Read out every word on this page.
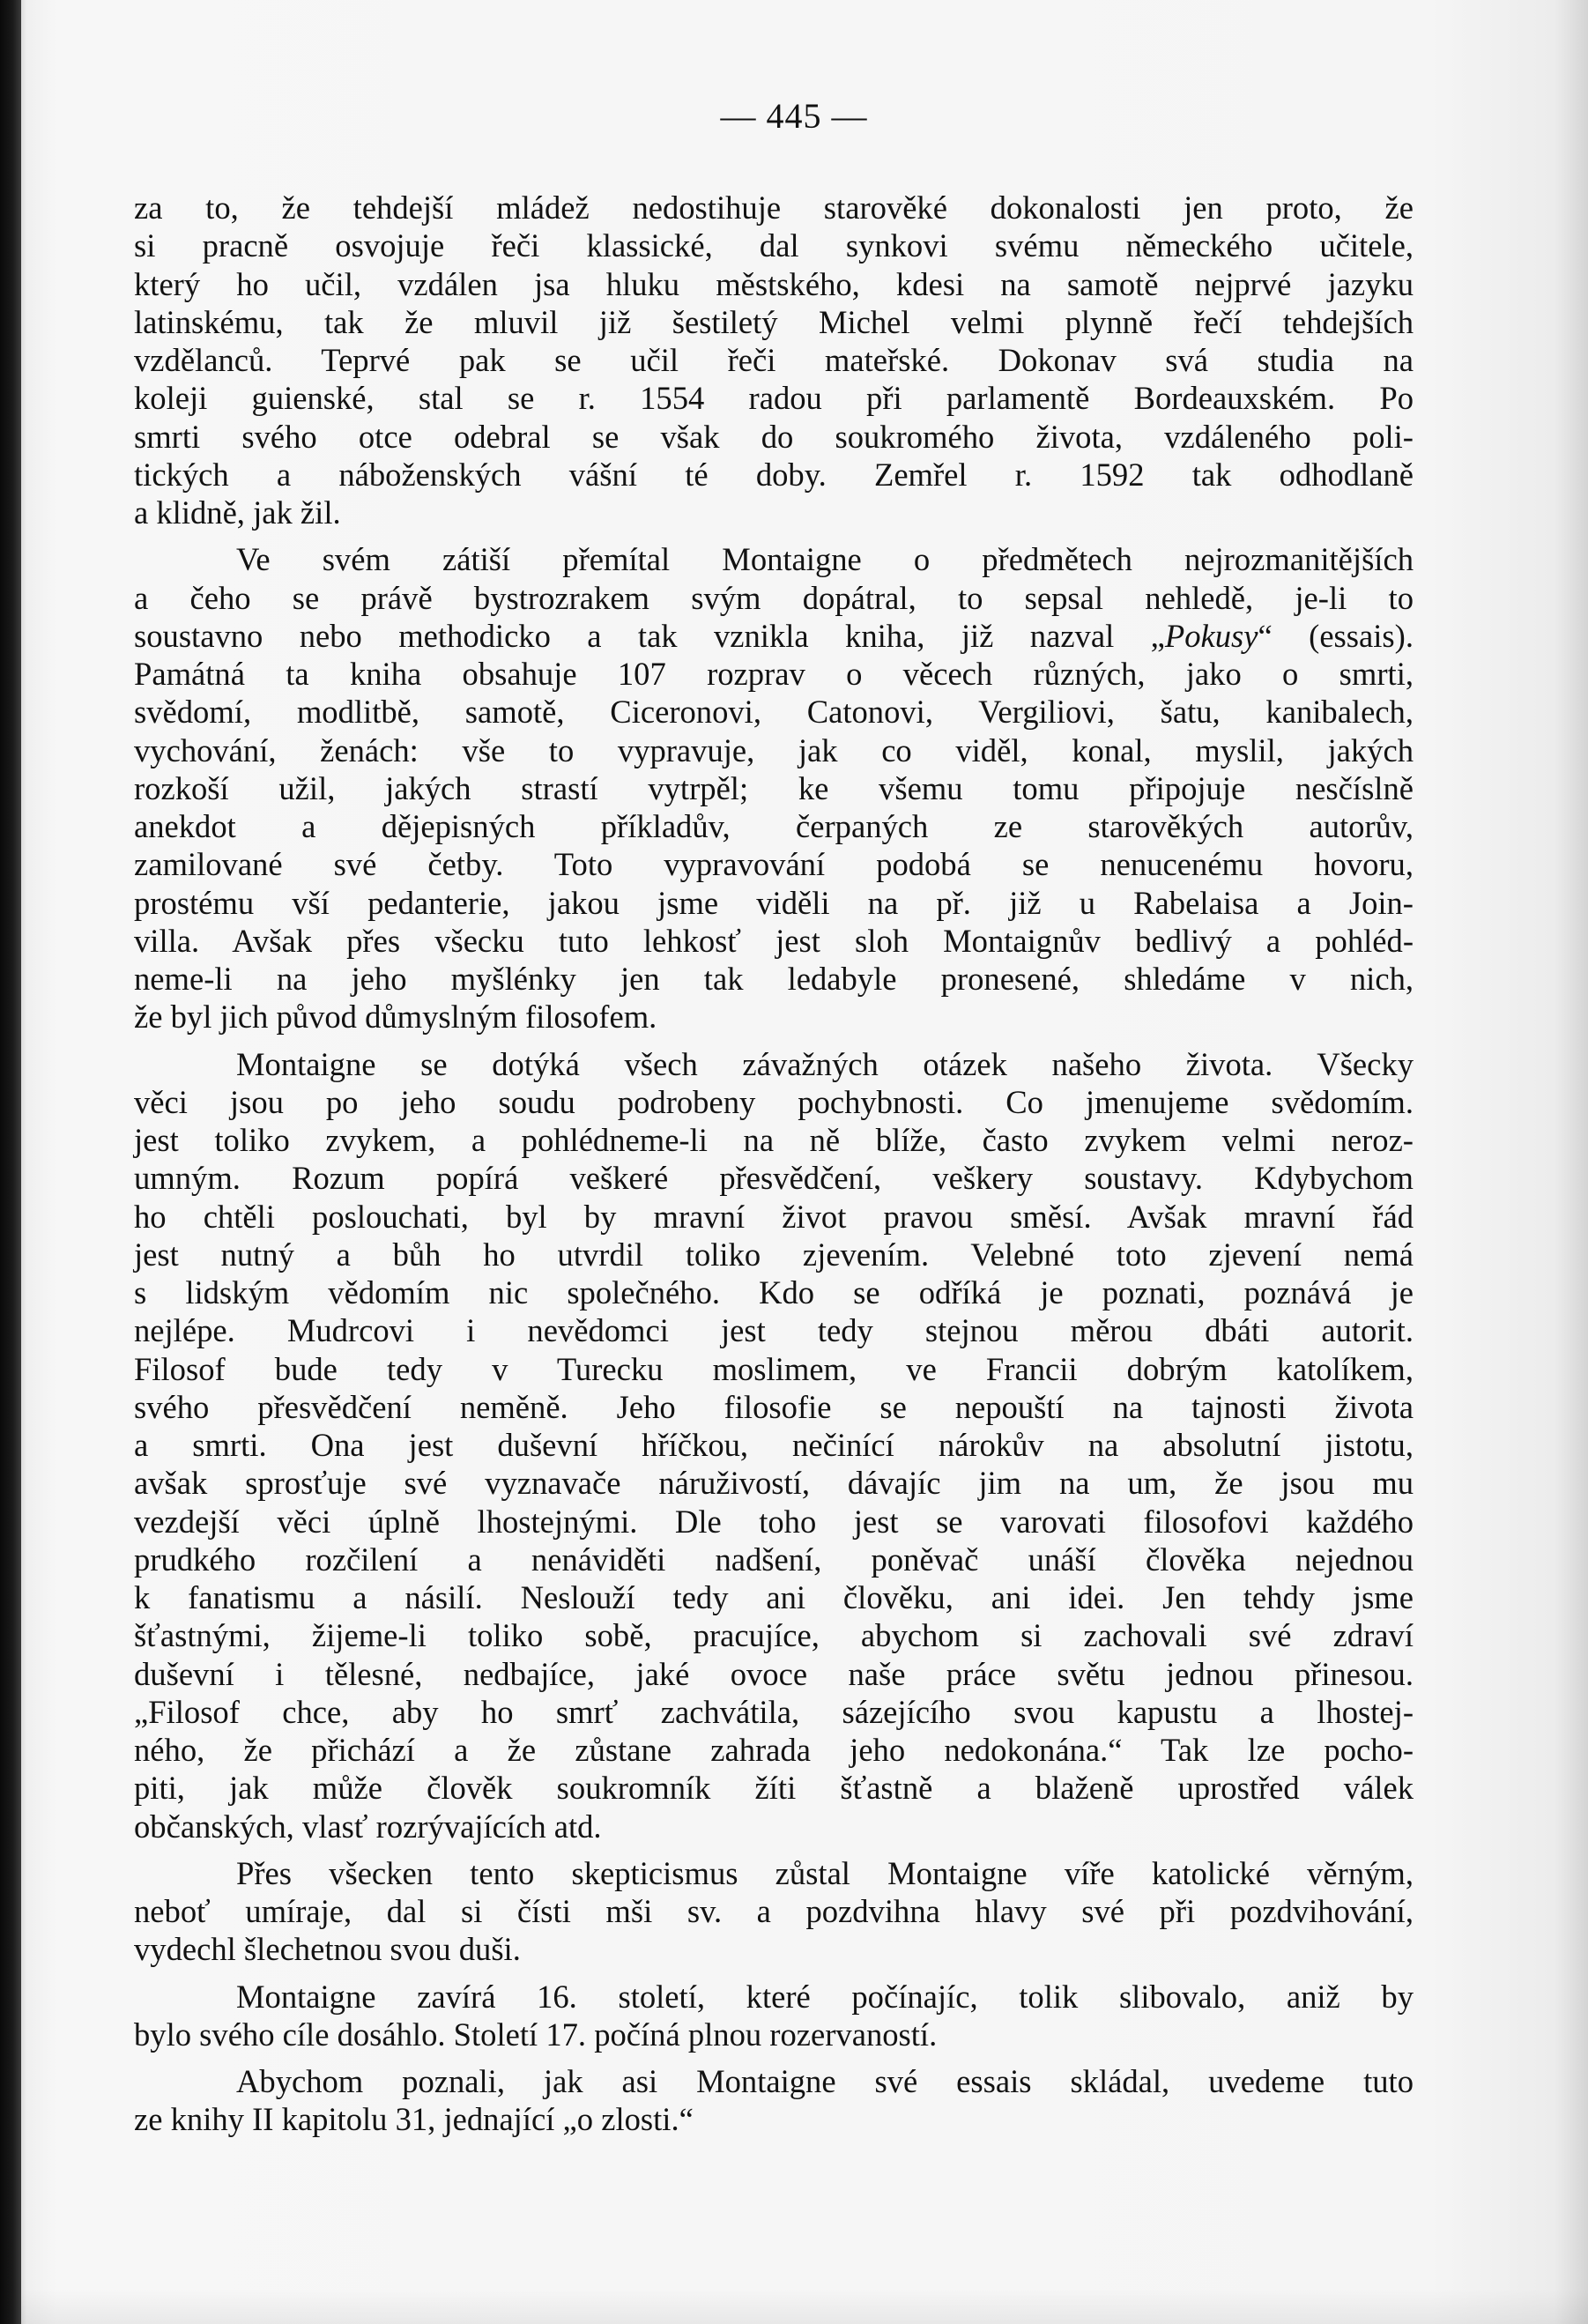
— 445 —

za to, že tehdejší mládež nedostihuje starověké dokonalosti jen proto, že
si pracně osvojuje řeči klassické, dal synkovi svému německého učitele,
který ho učil, vzdálen jsa hluku městského, kdesi na samotě nejprvé jazyku
latinskému, tak že mluvil již šestiletý Michel velmi plynně řečí tehdejších
vzdělanců. Teprvé pak se učil řeči mateřské. Dokonav svá studia na
koleji guienské, stal se r. 1554 radou při parlamentě Bordeauxském. Po
smrti svého otce odebral se však do soukromého života, vzdáleného poli-
tických a náboženských vášní té doby. Zemřel r. 1592 tak odhodlaně
a klidně, jak žil.

Ve svém zátiší přemítal Montaigne o předmětech nejrozmanitějších
a čeho se právě bystrozrakem svým dopátral, to sepsal nehledě, je-li to
soustavno nebo methodicko a tak vznikla kniha, již nazval „Pokusy“ (essais).
Památná ta kniha obsahuje 107 rozprav o věcech různých, jako o smrti,
svědomí, modlitbě, samotě, Ciceronovi, Catonovi, Vergiliovi, šatu, kanibalech,
vychování, ženách: vše to vypravuje, jak co viděl, konal, myslil, jakých
rozkoší užil, jakých strastí vytrpěl; ke všemu tomu připojuje nesčíslně
anekdot a dějepisných příkladův, čerpaných ze starověkých autorův,
zamilované své četby. Toto vypravování podobá se nenucenému hovoru,
prostému vší pedanterie, jakou jsme viděli na př. již u Rabelaisa a Join-
villa. Avšak přes všecku tuto lehkosť jest sloh Montaignův bedlivý a pohléd-
neme-li na jeho myšlénky jen tak ledabyle pronesené, shledáme v nich,
že byl jich původ důmyslným filosofem.

Montaigne se dotýká všech závažných otázek našeho života. Všecky
věci jsou po jeho soudu podrobeny pochybnosti. Co jmenujeme svědomím.
jest toliko zvykem, a pohlédneme-li na ně blíže, často zvykem velmi neroz-
umným. Rozum popírá veškeré přesvědčení, veškery soustavy. Kdybychom
ho chtěli poslouchati, byl by mravní život pravou směsí. Avšak mravní řád
jest nutný a bůh ho utvrdil toliko zjevením. Velebné toto zjevení nemá
s lidským vědomím nic společného. Kdo se odříká je poznati, poznává je
nejlépe. Mudrcovi i nevědomci jest tedy stejnou měrou dbáti autorit.
Filosof bude tedy v Turecku moslimem, ve Francii dobrým katolíkem,
svého přesvědčení neměně. Jeho filosofie se nepouští na tajnosti života
a smrti. Ona jest duševní hříčkou, nečinící nárokův na absolutní jistotu,
avšak sprosťuje své vyznavače náruživostí, dávajíc jim na um, že jsou mu
vezdejší věci úplně lhostejnými. Dle toho jest se varovati filosofovi každého
prudkého rozčilení a nenáviděti nadšení, poněvač unáší člověka nejednou
k fanatismu a násilí. Neslouží tedy ani člověku, ani idei. Jen tehdy jsme
šťastnými, žijeme-li toliko sobě, pracujíce, abychom si zachovali své zdraví
duševní i tělesné, nedbajíce, jaké ovoce naše práce světu jednou přinesou.
„Filosof chce, aby ho smrť zachvátila, sázejícího svou kapustu a lhostej-
ného, že přichází a že zůstane zahrada jeho nedokonána.“ Tak lze pocho-
piti, jak může člověk soukromník žíti šťastně a blaženě uprostřed válek
občanských, vlasť rozrývajících atd.

Přes všecken tento skepticismus zůstal Montaigne víře katolické věrným,
neboť umíraje, dal si čísti mši sv. a pozdvihna hlavy své při pozdvihování,
vydechl šlechetnou svou duši.

Montaigne zavírá 16. století, které počínajíc, tolik slibovalo, aniž by
bylo svého cíle dosáhlo. Století 17. počíná plnou rozervaností.

Abychom poznali, jak asi Montaigne své essais skládal, uvedeme tuto
ze knihy II kapitolu 31, jednající „o zlosti.“
